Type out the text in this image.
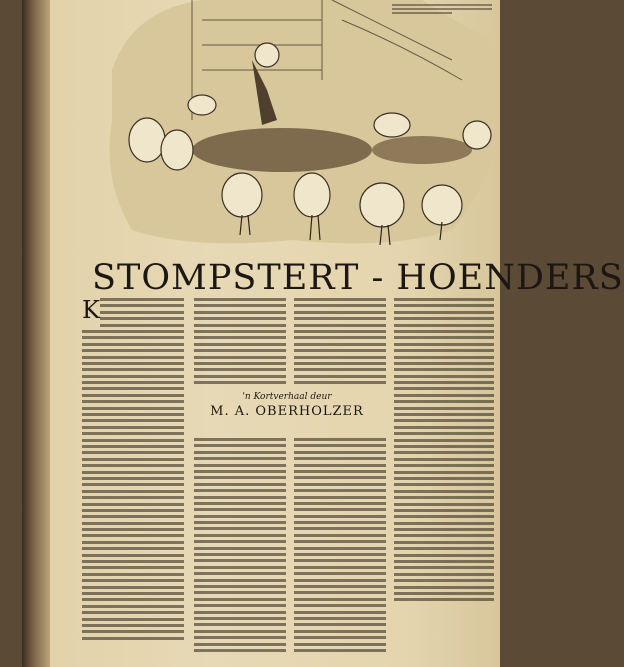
STOMPSTERT - HOENDERS
K
'n Kortverhaal deur
M. A. OBERHOLZER
